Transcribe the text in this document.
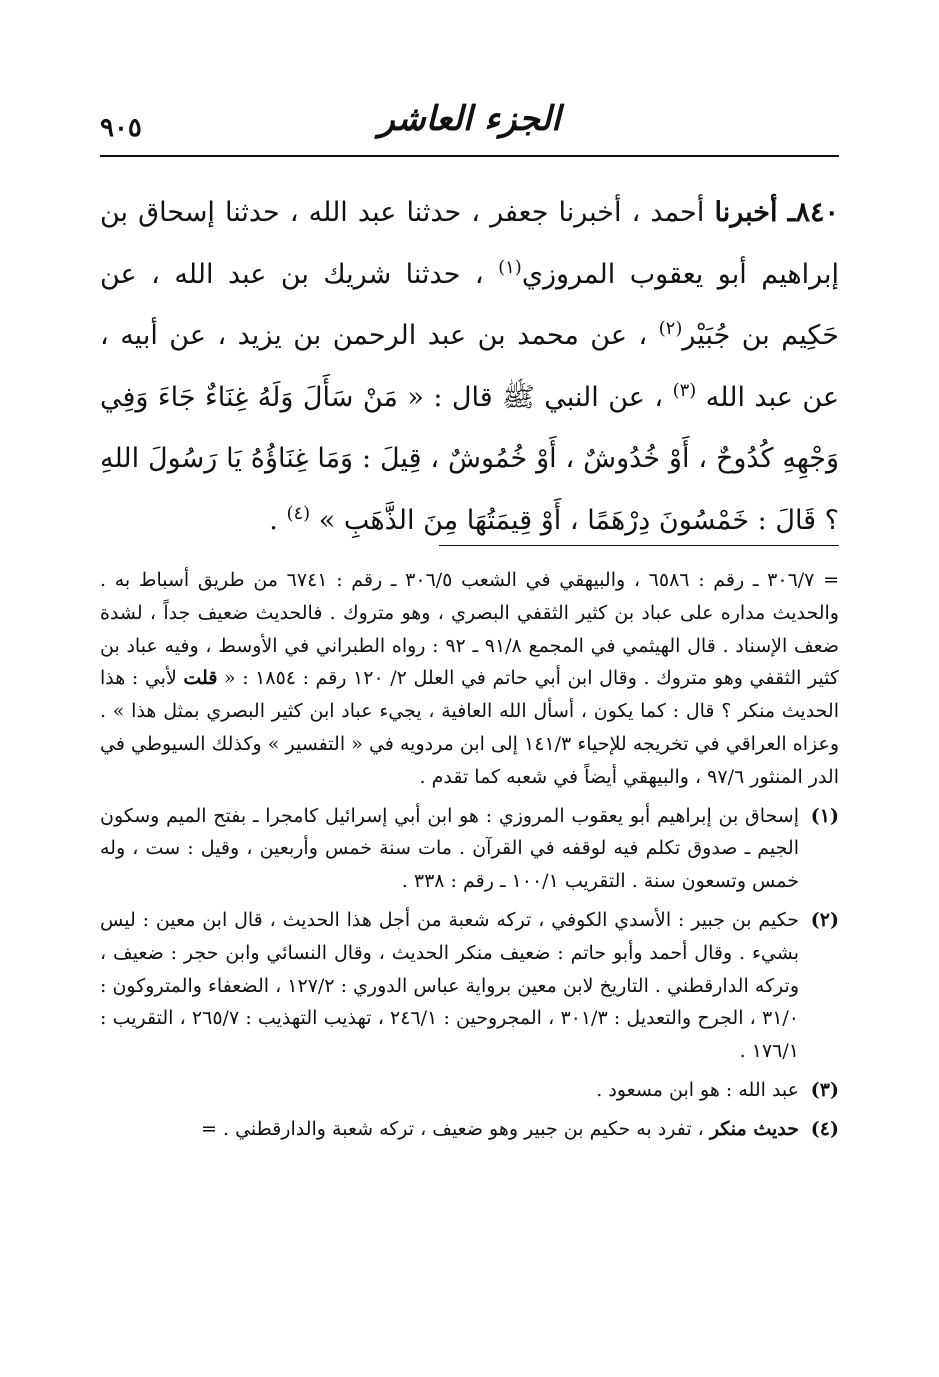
الجزء العاشر
٩٠٥

٨٤٠ـ أخبرنا أحمد ، أخبرنا جعفر ، حدثنا عبد الله ، حدثنا إسحاق بن إبراهيم أبو يعقوب المروزي$^{(١)}$ ، حدثنا شريك بن عبد الله ، عن حَكِيم بن جُبَيْر$^{(٢)}$ ، عن محمد بن عبد الرحمن بن يزيد ، عن أبيه ، عن عبد الله $^{(٣)}$ ، عن النبي ﷺ قال : « مَنْ سَأَلَ وَلَهُ غِنَاءٌ جَاءَ وَفِي وَجْهِهِ كُدُوحٌ ، أَوْ خُدُوشٌ ، أَوْ خُمُوشٌ ، قِيلَ : وَمَا غِنَاؤُهُ يَا رَسُولَ اللهِ ؟ قَالَ : خَمْسُونَ دِرْهَمًا ، أَوْ قِيمَتُهَا مِنَ الذَّهَبِ » $^{(٤)}$ .

= ٣٠٦/٧ ـ رقم : ٦٥٨٦ ، والبيهقي في الشعب ٣٠٦/٥ ـ رقم : ٦٧٤١ من طريق أسباط به . والحديث مداره على عباد بن كثير الثقفي البصري ، وهو متروك . فالحديث ضعيف جداً ، لشدة ضعف الإسناد . قال الهيثمي في المجمع ٩١/٨ ـ ٩٢ : رواه الطبراني في الأوسط ، وفيه عباد بن كثير الثقفي وهو متروك . وقال ابن أبي حاتم في العلل ٢/ ١٢٠ رقم : ١٨٥٤ : « قلت لأبي : هذا الحديث منكر ؟ قال : كما يكون ، أسأل الله العافية ، يجيء عباد ابن كثير البصري بمثل هذا » . وعزاه العراقي في تخريجه للإحياء ١٤١/٣ إلى ابن مردويه في « التفسير » وكذلك السيوطي في الدر المنثور ٩٧/٦ ، والبيهقي أيضاً في شعبه كما تقدم .

(١)
إسحاق بن إبراهيم أبو يعقوب المروزي : هو ابن أبي إسرائيل كامجرا ـ بفتح الميم وسكون الجيم ـ صدوق تكلم فيه لوقفه في القرآن . مات سنة خمس وأربعين ، وقيل : ست ، وله خمس وتسعون سنة . التقريب ١٠٠/١ ـ رقم : ٣٣٨ .
(٢)
حكيم بن جبير : الأسدي الكوفي ، تركه شعبة من أجل هذا الحديث ، قال ابن معين : ليس بشيء . وقال أحمد وأبو حاتم : ضعيف منكر الحديث ، وقال النسائي وابن حجر : ضعيف ، وتركه الدارقطني . التاريخ لابن معين برواية عباس الدوري : ١٢٧/٢ ، الضعفاء والمتروكون : ٣١/٠ ، الجرح والتعديل : ٣٠١/٣ ، المجروحين : ٢٤٦/١ ، تهذيب التهذيب : ٢٦٥/٧ ، التقريب : ١٧٦/١ .
(٣)
عبد الله : هو ابن مسعود .
(٤)
حديث منكر ، تفرد به حكيم بن جبير وهو ضعيف ، تركه شعبة والدارقطني . =
